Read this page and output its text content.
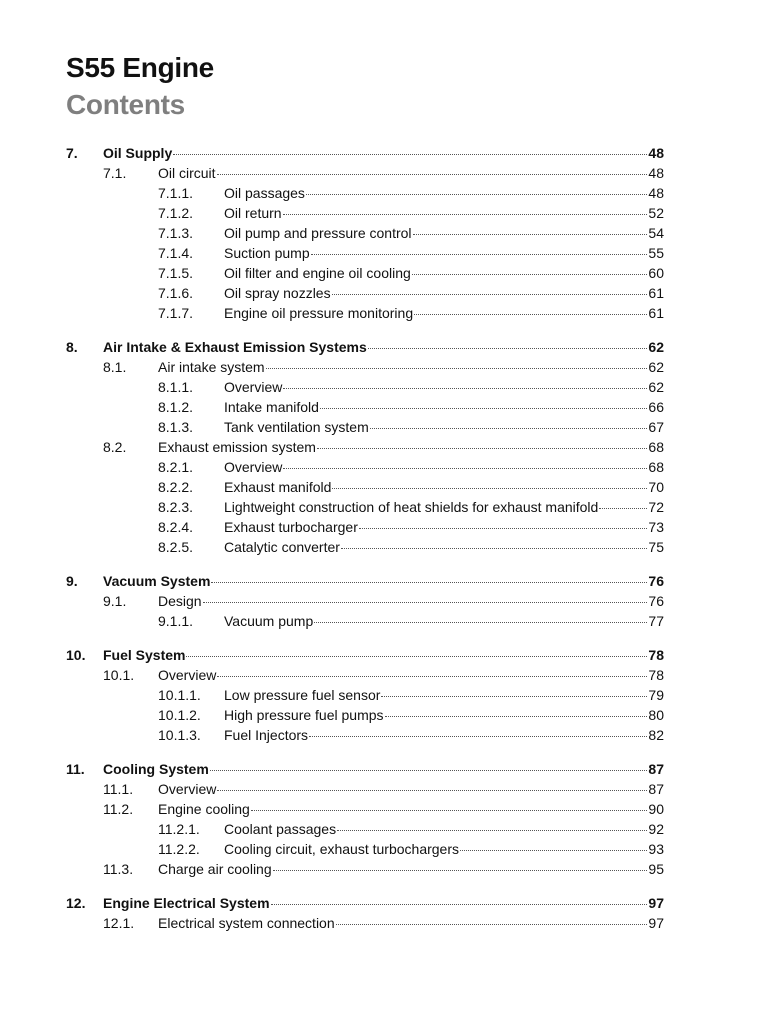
S55 Engine
Contents
7. Oil Supply	48
7.1. Oil circuit	48
7.1.1. Oil passages	48
7.1.2. Oil return	52
7.1.3. Oil pump and pressure control	54
7.1.4. Suction pump	55
7.1.5. Oil filter and engine oil cooling	60
7.1.6. Oil spray nozzles	61
7.1.7. Engine oil pressure monitoring	61
8. Air Intake & Exhaust Emission Systems	62
8.1. Air intake system	62
8.1.1. Overview	62
8.1.2. Intake manifold	66
8.1.3. Tank ventilation system	67
8.2. Exhaust emission system	68
8.2.1. Overview	68
8.2.2. Exhaust manifold	70
8.2.3. Lightweight construction of heat shields for exhaust manifold	72
8.2.4. Exhaust turbocharger	73
8.2.5. Catalytic converter	75
9. Vacuum System	76
9.1. Design	76
9.1.1. Vacuum pump	77
10. Fuel System	78
10.1. Overview	78
10.1.1. Low pressure fuel sensor	79
10.1.2. High pressure fuel pumps	80
10.1.3. Fuel Injectors	82
11. Cooling System	87
11.1. Overview	87
11.2. Engine cooling	90
11.2.1. Coolant passages	92
11.2.2. Cooling circuit, exhaust turbochargers	93
11.3. Charge air cooling	95
12. Engine Electrical System	97
12.1. Electrical system connection	97
